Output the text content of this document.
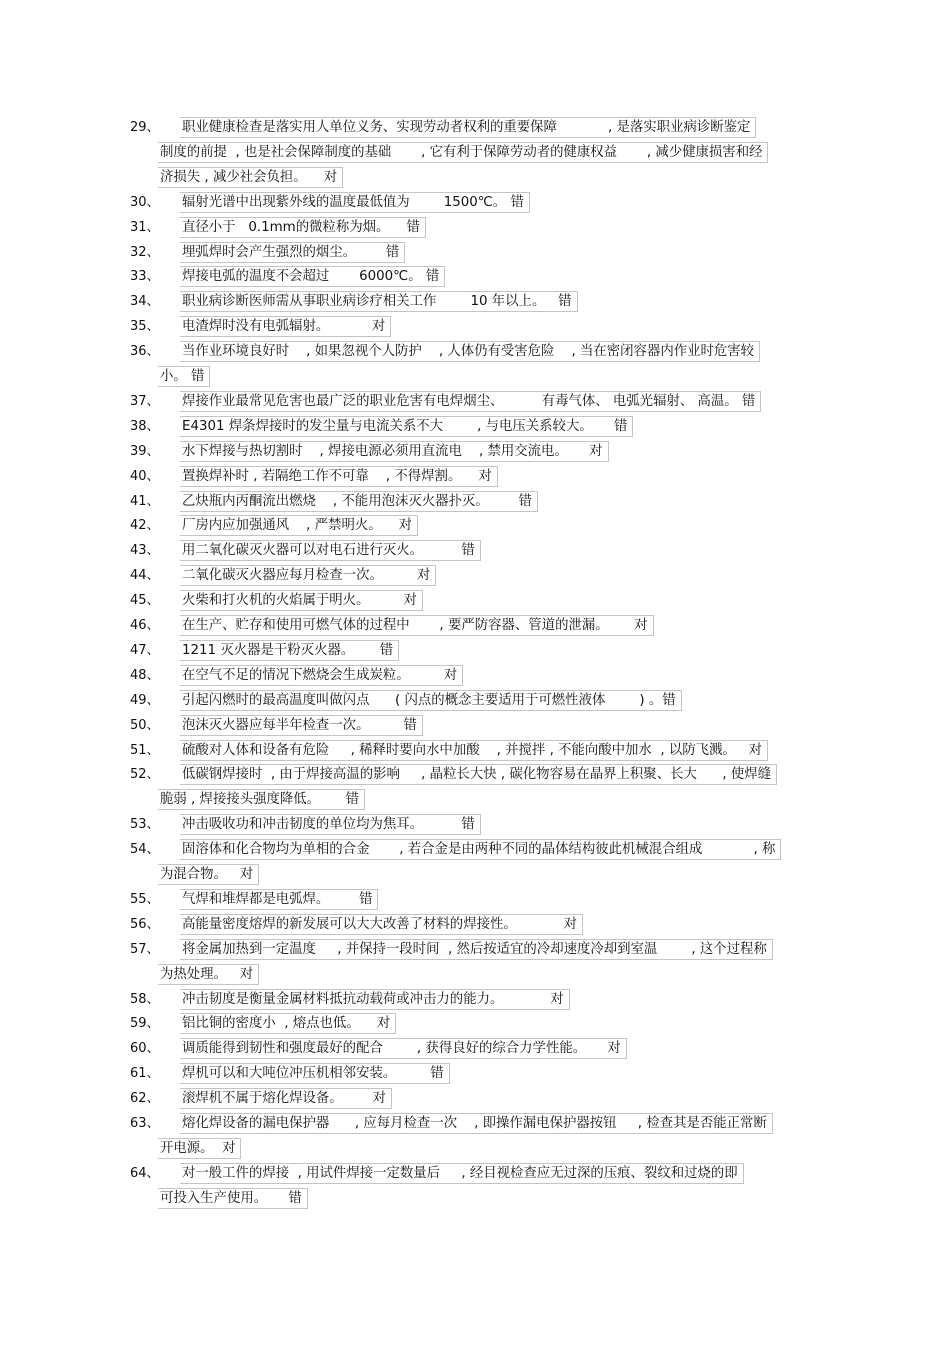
29、 职业健康检查是落实用人单位义务、实现劳动者权利的重要保障            , 是落实职业病诊断鉴定
制度的前提  , 也是社会保障制度的基础       , 它有利于保障劳动者的健康权益       , 减少健康损害和经
济损失 , 减少社会负担。    对
30、 辐射光谱中出现紫外线的温度最低值为        1500℃。 错
31、 直径小于   0.1mm的微粒称为烟。    错
32、 埋弧焊时会产生强烈的烟尘。       错
33、 焊接电弧的温度不会超过       6000℃。 错
34、 职业病诊断医师需从事职业病诊疗相关工作        10 年以上。   错
35、 电渣焊时没有电弧辐射。          对
36、 当作业环境良好时    , 如果忽视个人防护    , 人体仍有受害危险    , 当在密闭容器内作业时危害较
小。 错
37、 焊接作业最常见危害也最广泛的职业危害有电焊烟尘、         有毒气体、 电弧光辐射、 高温。 错
38、 E4301 焊条焊接时的发尘量与电流关系不大        , 与电压关系较大。     错
39、 水下焊接与热切割时    , 焊接电源必须用直流电    , 禁用交流电。     对
40、 置换焊补时 , 若隔绝工作不可靠    , 不得焊割。    对
41、 乙炔瓶内丙酮流出燃烧    , 不能用泡沫灭火器扑灭。       错
42、 厂房内应加强通风    , 严禁明火。    对
43、 用二氧化碳灭火器可以对电石进行灭火。         错
44、 二氧化碳灭火器应每月检查一次。        对
45、 火柴和打火机的火焰属于明火。        对
46、 在生产、贮存和使用可燃气体的过程中       , 要严防容器、管道的泄漏。      对
47、 1211 灭火器是干粉灭火器。      错
48、 在空气不足的情况下燃烧会生成炭粒。        对
49、 引起闪燃时的最高温度叫做闪点      ( 闪点的概念主要适用于可燃性液体        ) 。错
50、 泡沫灭火器应每半年检查一次。        错
51、 硫酸对人体和设备有危险     , 稀释时要向水中加酸    , 并搅拌 , 不能向酸中加水  , 以防飞溅。   对
52、 低碳钢焊接时  , 由于焊接高温的影响     , 晶粒长大快 , 碳化物容易在晶界上积聚、长大      , 使焊缝
脆弱 , 焊接接头强度降低。      错
53、 冲击吸收功和冲击韧度的单位均为焦耳。         错
54、 固溶体和化合物均为单相的合金       , 若合金是由两种不同的晶体结构彼此机械混合组成            , 称
为混合物。   对
55、 气焊和堆焊都是电弧焊。       错
56、 高能量密度熔焊的新发展可以大大改善了材料的焊接性。           对
57、 将金属加热到一定温度     , 并保持一段时间  , 然后按适宜的冷却速度冷却到室温        , 这个过程称
为热处理。   对
58、 冲击韧度是衡量金属材料抵抗动载荷或冲击力的能力。           对
59、 铝比铜的密度小  , 熔点也低。    对
60、 调质能得到韧性和强度最好的配合        , 获得良好的综合力学性能。     对
61、 焊机可以和大吨位冲压机相邻安装。        错
62、 滚焊机不属于熔化焊设备。       对
63、 熔化焊设备的漏电保护器      , 应每月检查一次    , 即操作漏电保护器按钮     , 检查其是否能正常断
开电源。  对
64、 对一般工件的焊接  , 用试件焊接一定数量后     , 经目视检查应无过深的压痕、裂纹和过烧的即
可投入生产使用。     错
